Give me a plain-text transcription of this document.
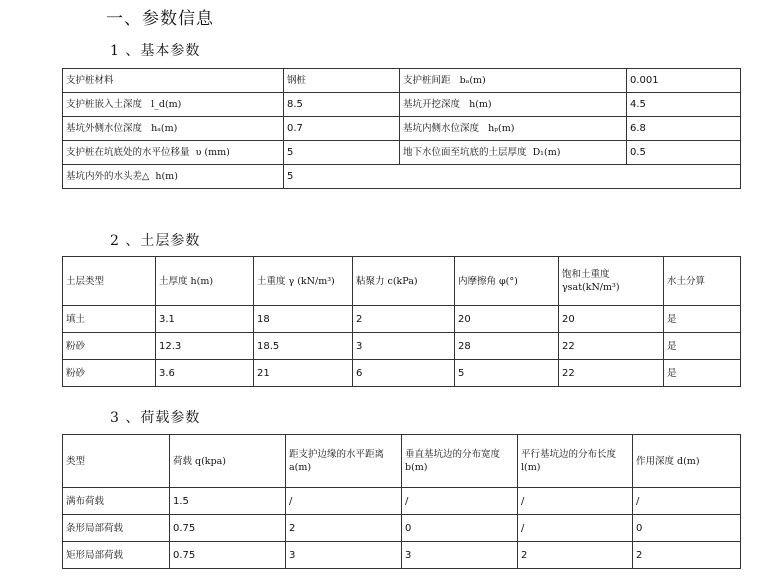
一、参数信息
1 、基本参数
支护桩材料	钢桩	支护桩间距 bₐ(m)	0.001
支护桩嵌入土深度 l_d(m)	8.5	基坑开挖深度 h(m)	4.5
基坑外侧水位深度 hₐ(m)	0.7	基坑内侧水位深度 hₚ(m)	6.8
支护桩在坑底处的水平位移量 υ (mm)	5	地下水位面至坑底的土层厚度 D₁(m)	0.5
基坑内外的水头差△ h(m)	5		
2 、土层参数
土层类型	土厚度 h(m)	土重度 γ (kN/m³)	粘聚力 c(kPa)	内摩擦角 φ(°)	饱和土重度 γsat(kN/m³)	水土分算
填土	3.1	18	2	20	20	是
粉砂	12.3	18.5	3	28	22	是
粉砂	3.6	21	6	5	22	是
3 、荷载参数
类型	荷载 q(kpa)	距支护边缘的水平距离 a(m)	垂直基坑边的分布宽度 b(m)	平行基坑边的分布长度 l(m)	作用深度 d(m)
满布荷载	1.5	/	/	/	/
条形局部荷载	0.75	2	0	/	0
矩形局部荷载	0.75	3	3	2	2
